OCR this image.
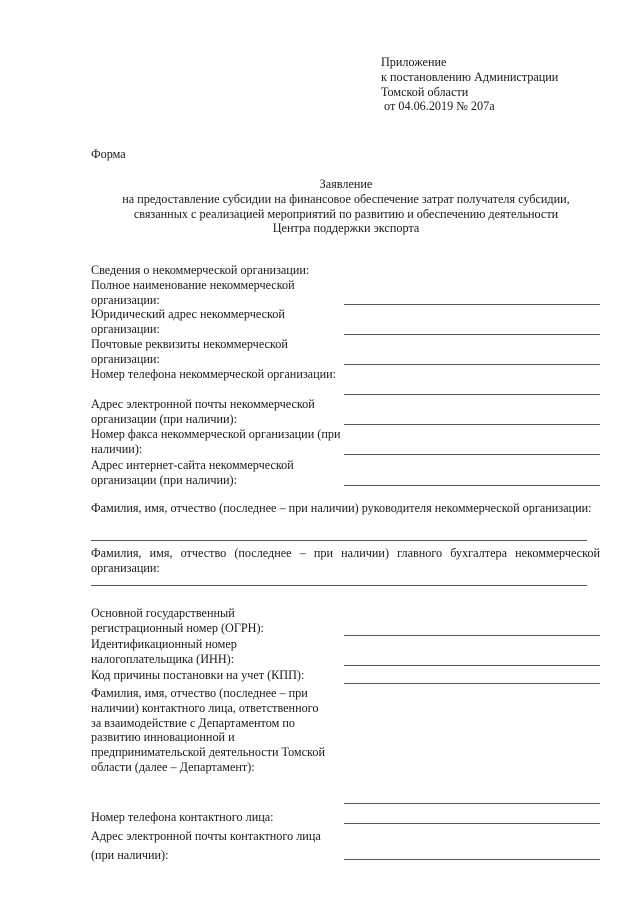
Приложение
к постановлению Администрации
Томской области
от 04.06.2019 № 207а
Форма
Заявление
на предоставление субсидии на финансовое обеспечение затрат получателя субсидии,
связанных с реализацией мероприятий по развитию и обеспечению деятельности
Центра поддержки экспорта
Сведения о некоммерческой организации:
Полное наименование некоммерческой организации:
Юридический адрес некоммерческой организации:
Почтовые реквизиты некоммерческой организации:
Номер телефона некоммерческой организации:
Адрес электронной почты некоммерческой организации (при наличии):
Номер факса некоммерческой организации (при наличии):
Адрес интернет-сайта некоммерческой организации (при наличии):
Фамилия, имя, отчество (последнее – при наличии) руководителя некоммерческой организации:
Фамилия, имя, отчество (последнее – при наличии) главного бухгалтера некоммерческой организации:
Основной государственный регистрационный номер (ОГРН):
Идентификационный номер налогоплательщика (ИНН):
Код причины постановки на учет (КПП):
Фамилия, имя, отчество (последнее – при наличии) контактного лица, ответственного за взаимодействие с Департаментом по развитию инновационной и предпринимательской деятельности Томской области (далее – Департамент):
Номер телефона контактного лица:
Адрес электронной почты контактного лица (при наличии):
